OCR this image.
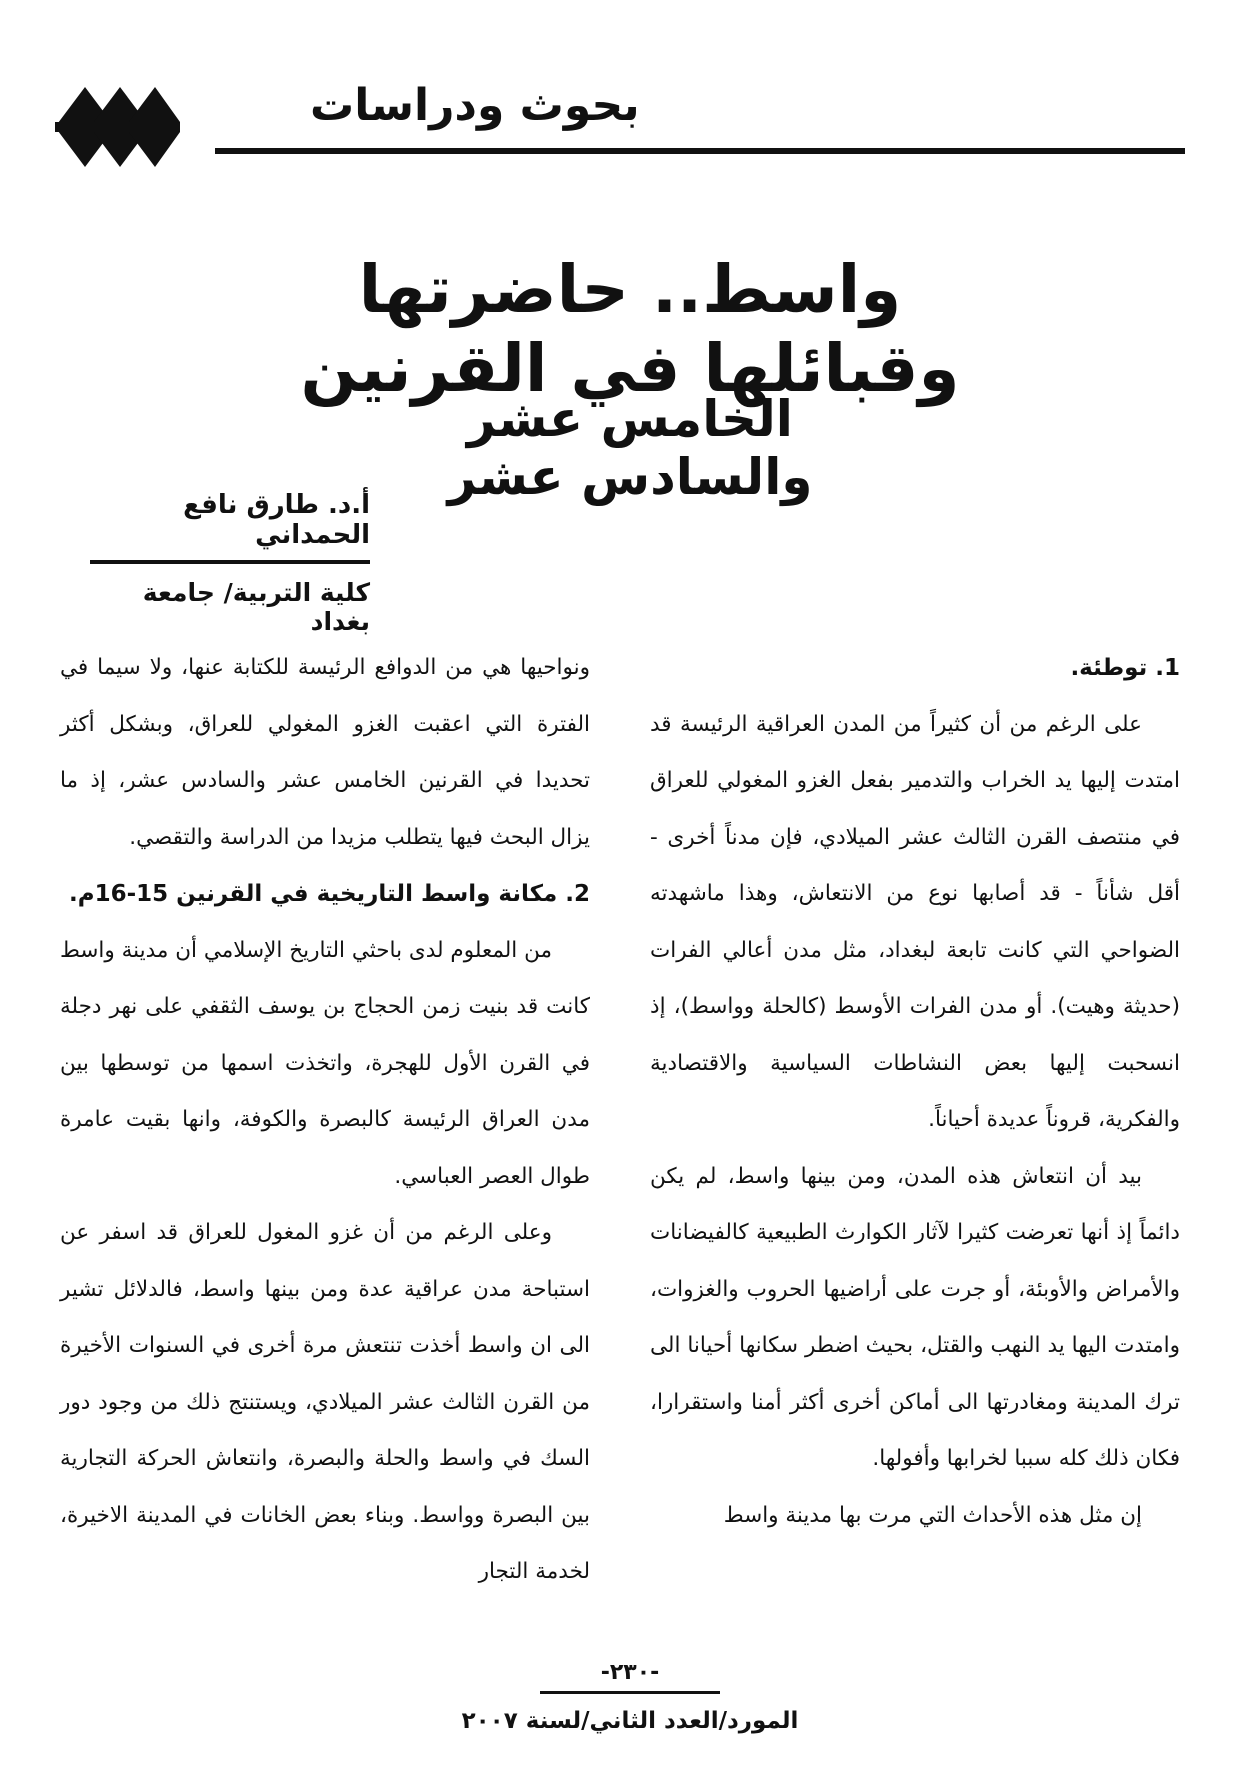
بحوث ودراسات
واسط.. حاضرتها وقبائلها في القرنين
الخامس عشر والسادس عشر
أ.د. طارق نافع الحمداني
كلية التربية/ جامعة بغداد

1. توطئة.

على الرغم من أن كثيراً من المدن العراقية الرئيسة قد امتدت إليها يد الخراب والتدمير بفعل الغزو المغولي للعراق في منتصف القرن الثالث عشر الميلادي، فإن مدناً أخرى - أقل شأناً - قد أصابها نوع من الانتعاش، وهذا ماشهدته الضواحي التي كانت تابعة لبغداد، مثل مدن أعالي الفرات (حديثة وهيت). أو مدن الفرات الأوسط (كالحلة وواسط)، إذ انسحبت إليها بعض النشاطات السياسية والاقتصادية والفكرية، قروناً عديدة أحياناً.

بيد أن انتعاش هذه المدن، ومن بينها واسط، لم يكن دائماً إذ أنها تعرضت كثيرا لآثار الكوارث الطبيعية كالفيضانات والأمراض والأوبئة، أو جرت على أراضيها الحروب والغزوات، وامتدت اليها يد النهب والقتل، بحيث اضطر سكانها أحيانا الى ترك المدينة ومغادرتها الى أماكن أخرى أكثر أمنا واستقرارا، فكان ذلك كله سببا لخرابها وأفولها.

إن مثل هذه الأحداث التي مرت بها مدينة واسط

ونواحيها هي من الدوافع الرئيسة للكتابة عنها، ولا سيما في الفترة التي اعقبت الغزو المغولي للعراق، وبشكل أكثر تحديدا في القرنين الخامس عشر والسادس عشر، إذ ما يزال البحث فيها يتطلب مزيدا من الدراسة والتقصي.

2. مكانة واسط التاريخية في القرنين 15-16م.

من المعلوم لدى باحثي التاريخ الإسلامي أن مدينة واسط كانت قد بنيت زمن الحجاج بن يوسف الثقفي على نهر دجلة في القرن الأول للهجرة، واتخذت اسمها من توسطها بين مدن العراق الرئيسة كالبصرة والكوفة، وانها بقيت عامرة طوال العصر العباسي.

وعلى الرغم من أن غزو المغول للعراق قد اسفر عن استباحة مدن عراقية عدة ومن بينها واسط، فالدلائل تشير الى ان واسط أخذت تنتعش مرة أخرى في السنوات الأخيرة من القرن الثالث عشر الميلادي، ويستنتج ذلك من وجود دور السك في واسط والحلة والبصرة، وانتعاش الحركة التجارية بين البصرة وواسط. وبناء بعض الخانات في المدينة الاخيرة، لخدمة التجار

-٢٣٠-
المورد/العدد الثاني/لسنة ٢٠٠٧
